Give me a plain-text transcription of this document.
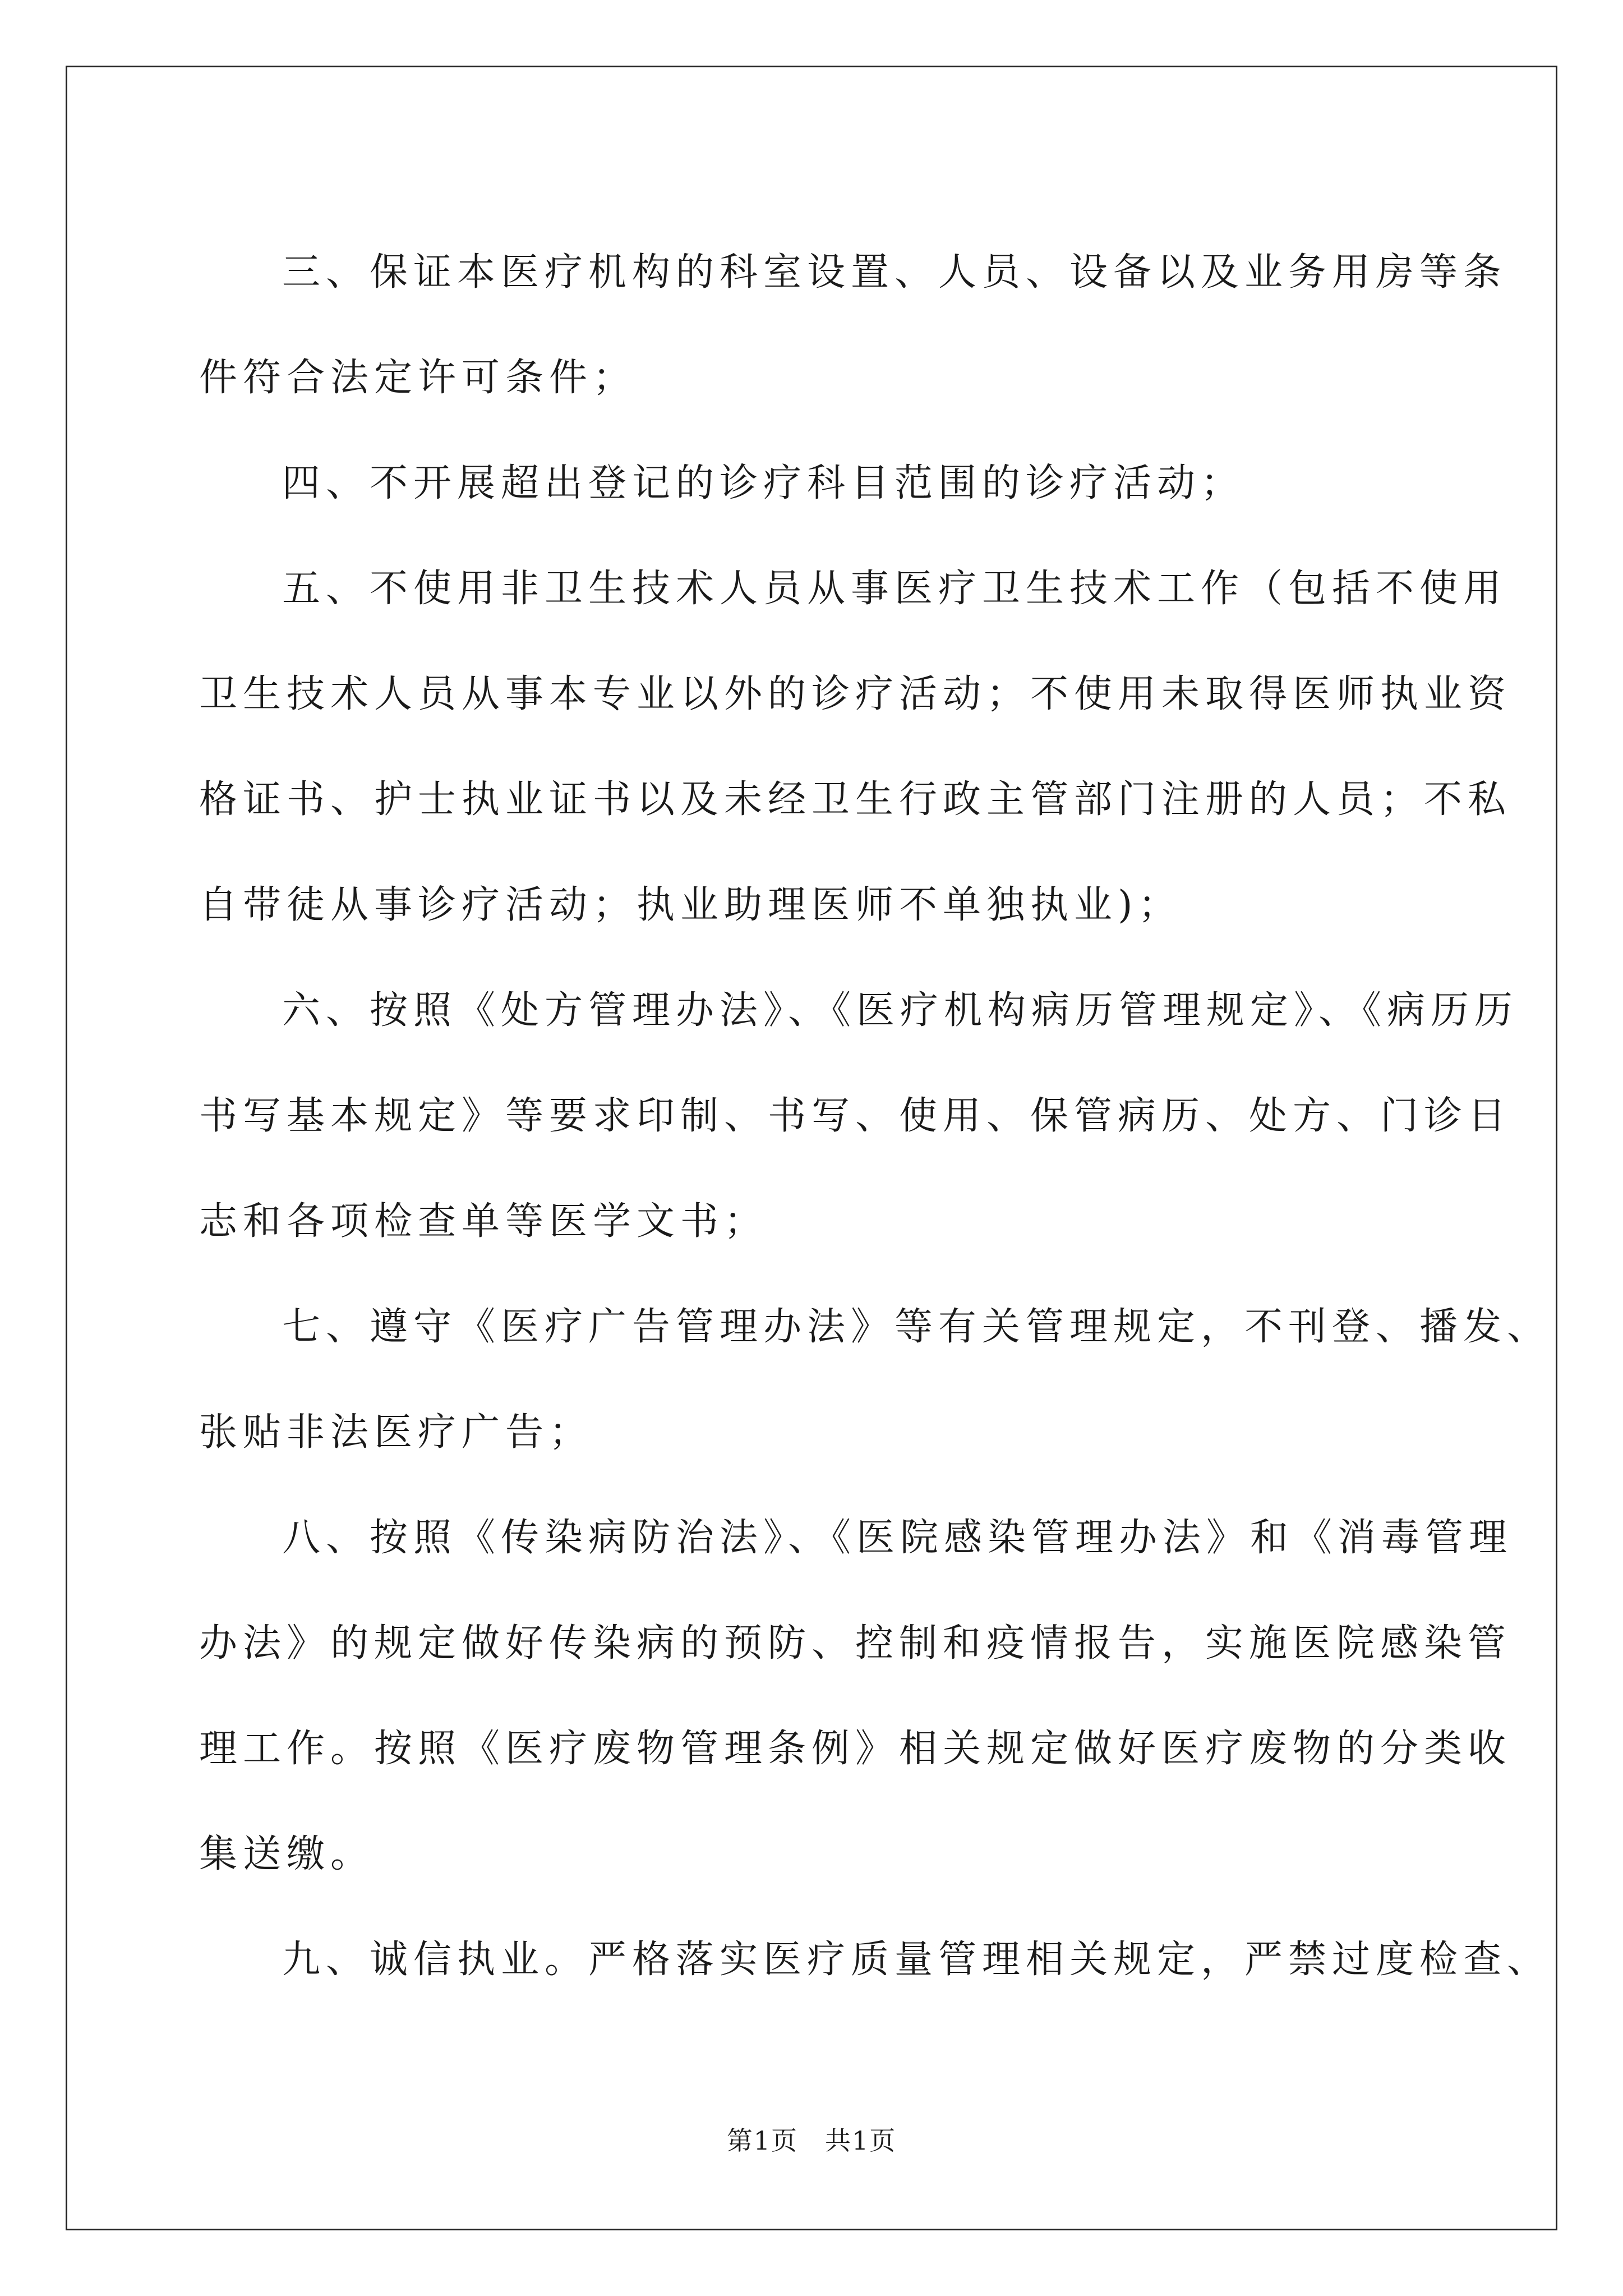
三、保证本医疗机构的科室设置、人员、设备以及业务用房等条
件符合法定许可条件；

四、不开展超出登记的诊疗科目范围的诊疗活动；

五、不使用非卫生技术人员从事医疗卫生技术工作（包括不使用
卫生技术人员从事本专业以外的诊疗活动；不使用未取得医师执业资
格证书、护士执业证书以及未经卫生行政主管部门注册的人员；不私
自带徒从事诊疗活动；执业助理医师不单独执业)；

六、按照《处方管理办法》、《医疗机构病历管理规定》、《病历历
书写基本规定》等要求印制、书写、使用、保管病历、处方、门诊日
志和各项检查单等医学文书；

七、遵守《医疗广告管理办法》等有关管理规定，不刊登、播发、
张贴非法医疗广告；

八、按照《传染病防治法》、《医院感染管理办法》和《消毒管理
办法》的规定做好传染病的预防、控制和疫情报告，实施医院感染管
理工作。按照《医疗废物管理条例》相关规定做好医疗废物的分类收
集送缴。

九、诚信执业。严格落实医疗质量管理相关规定，严禁过度检查、

第1页　共1页
